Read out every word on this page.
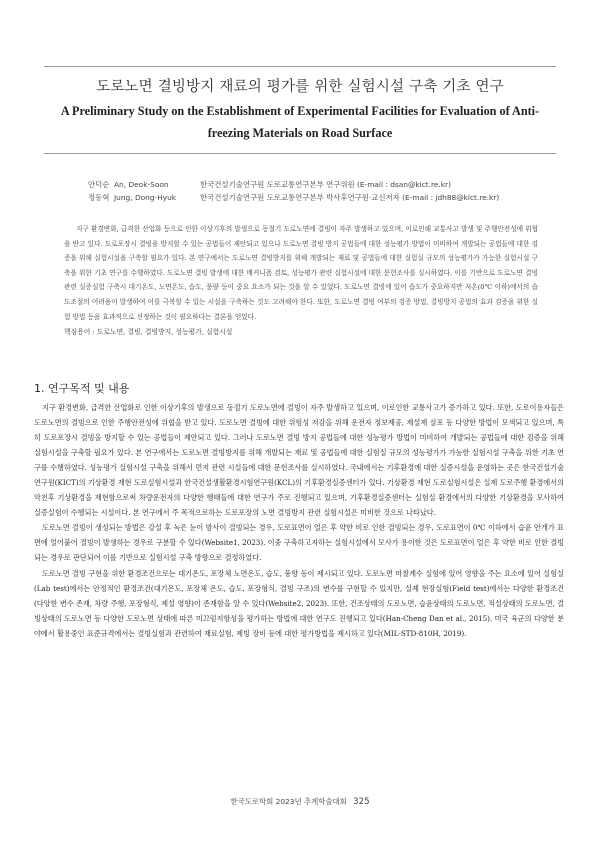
도로노면 결빙방지 재료의 평가를 위한 실험시설 구축 기초 연구
A Preliminary Study on the Establishment of Experimental Facilities for Evaluation of Anti-freezing Materials on Road Surface
안덕순 An, Deok-Soon	한국건설기술연구원 도로교통연구본부 연구위원 (E-mail : dsan@kict.re.kr)
정동혁 Jung, Dong-Hyuk	한국건설기술연구원 도로교통연구본부 박사후연구원·교신저자 (E-mail : jdh88@kict.re.kr)

지구 환경변화, 급격한 산업화 등으로 인한 이상기후의 발생으로 동절기 도로노면에 결빙이 자주 발생하고 있으며, 이로인해 교통사고 발생 및 주행안전성에 위협을 받고 있다. 도로포장시 결빙을 방지할 수 있는 공법들이 제안되고 있으나 도로노면 결빙 방지 공법들에 대한 성능평가 방법이 미비하여 개발되는 공법들에 대한 검증을 위해 실험시설을 구축할 필요가 있다. 본 연구에서는 도로노면 결빙방지를 위해 개발되는 재료 및 공법들에 대한 실험실 규모의 성능평가가 가능한 실험시설 구축을 위한 기초 연구를 수행하였다. 도로노면 결빙 발생에 대한 메커니즘 검토, 성능평가 관련 실험시설에 대한 문헌조사를 실시하였다. 이를 기반으로 도로노면 결빙 관련 실증실험 구축시 대기온도, 노면온도, 습도, 풍량 등이 중요 요소가 되는 것을 알 수 있었다. 도로노면 결빙에 있어 습도가 중요하지만 저온(0℃ 이하)에서의 습도조절의 어려움이 발생하여 이를 극복할 수 있는 시설을 구축하는 것도 고려해야 한다. 또한, 도로노면 결빙 여부의 검증 방법, 결빙방지 공법의 효과 검증을 위한 실험 방법 등을 효과적으로 선정하는 것이 필요하다는 결론을 얻었다.

핵심용어 : 도로노면, 결빙, 결빙방지, 성능평가, 실험시설
1. 연구목적 및 내용

지구 환경변화, 급격한 산업화로 인한 이상기후의 발생으로 동절기 도로노면에 결빙이 자주 발생하고 있으며, 이로인한 교통사고가 증가하고 있다. 또한, 도로이용자들은 도로노면의 결빙으로 인한 주행안전성에 위협을 받고 있다. 도로노면 결빙에 대한 위험성 저감을 위해 운전자 정보제공, 제설제 살포 등 다양한 방법이 모색되고 있으며, 특히 도로포장시 결빙을 방지할 수 있는 공법들이 제안되고 있다. 그러나 도로노면 결빙 방지 공법들에 대한 성능평가 방법이 미비하여 개발되는 공법들에 대한 검증을 위해 실험시설을 구축할 필요가 있다. 본 연구에서는 도로노면 결빙방지를 위해 개발되는 재료 및 공법들에 대한 실험실 규모의 성능평가가 가능한 실험시설 구축을 위한 기초 연구를 수행하였다. 성능평가 실험시설 구축을 위해서 먼저 관련 시설들에 대한 문헌조사를 실시하였다. 국내에서는 기후환경에 대한 실증시설을 운영하는 곳은 한국건설기술연구원(KICT)의 기상환경 재현 도로실험시설과 한국건설생활환경시험연구원(KCL)의 기후환경실증센터가 있다. 기상환경 재현 도로실험시설은 실제 도로주행 환경에서의 악천후 기상환경을 재현함으로써 차량운전자의 다양한 행태들에 대한 연구가 주로 진행되고 있으며, 기후환경실증센터는 실험실 환경에서의 다양한 기상환경을 모사하여 실증실험이 수행되는 시설이다. 본 연구에서 주 목적으로하는 도로포장의 노면 결빙방지 관련 실험시설은 미비한 것으로 나타났다.

도로노면 결빙이 생성되는 방법은 강설 후 녹은 눈이 밤사이 결빙되는 경우, 도로표면이 얼은 후 약한 비로 인한 결빙되는 경우, 도로표면이 0℃ 이하에서 습윤 안개가 표면에 얼어붙어 결빙이 발생하는 경우로 구분할 수 있다(Website1, 2023). 이중 구축하고자하는 실험시설에서 모사가 용이한 것은 도로표면이 얼은 후 약한 비로 인한 결빙되는 경우로 판단되어 이를 기반으로 실험시설 구축 방향으로 결정하였다.

도로노면 결빙 구현을 위한 환경조건으로는 대기온도, 포장체 노면온도, 습도, 풍향 등이 제시되고 있다. 도로노면 마찰계수 실험에 있어 영향을 주는 요소에 있어 실험실(Lab test)에서는 안정적인 환경조건(대기온도, 포장체 온도, 습도, 포장형식, 결빙 구조)의 변수를 구현할 수 있지만, 실제 현장실험(Field test)에서는 다양한 환경조건(다양한 변수 존재, 차량 주행, 포장형식, 제설 영향)이 존재함을 알 수 있다(Website2, 2023). 또한, 건조상태의 도로노면, 습윤상태의 도로노면, 적설상태의 도로노면, 결빙상태의 도로노면 등 다양한 도로노면 상태에 따른 미끄럼저항성을 평가하는 방법에 대한 연구도 진행되고 있다(Han-Cheng Dan et al., 2015). 미국 육군의 다양한 분야에서 활용중인 표준규격에서는 결빙실험과 관련하여 재료실험, 제빙 장비 등에 대한 평가방법을 제시하고 있다(MIL-STD-810H, 2019).

한국도로학회 2023년 추계학술대회 325
